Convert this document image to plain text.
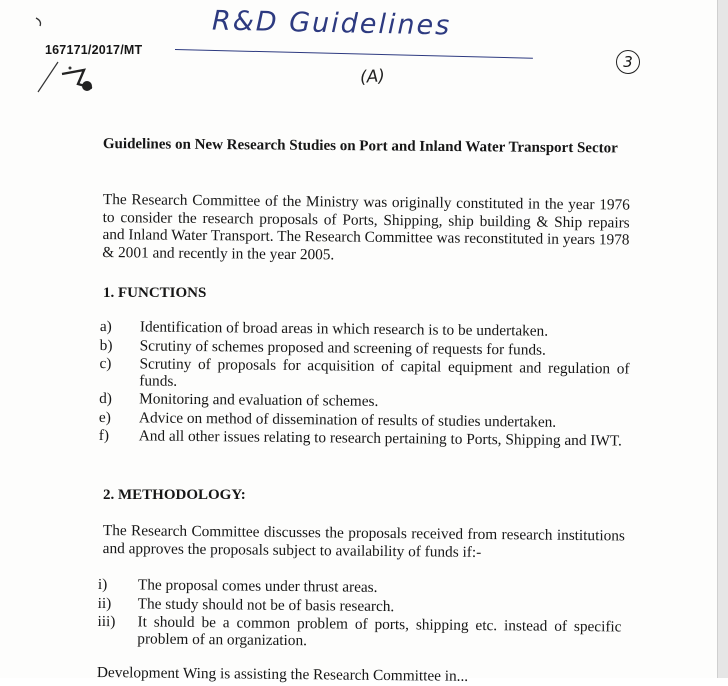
R&D Guidelines
167171/2017/MT
(A)
3
Guidelines on New Research Studies on Port and Inland Water Transport Sector
The Research Committee of the Ministry was originally constituted in the year 1976 to consider the research proposals of Ports, Shipping, ship building & Ship repairs and Inland Water Transport. The Research Committee was reconstituted in years 1978 & 2001 and recently in the year 2005.
1. FUNCTIONS
a)	Identification of broad areas in which research is to be undertaken.
b)	Scrutiny of schemes proposed and screening of requests for funds.
c)	Scrutiny of proposals for acquisition of capital equipment and regulation of funds.
d)	Monitoring and evaluation of schemes.
e)	Advice on method of dissemination of results of studies undertaken.
f)	And all other issues relating to research pertaining to Ports, Shipping and IWT.
2. METHODOLOGY:
The Research Committee discusses the proposals received from research institutions and approves the proposals subject to availability of funds if:-
i)	The proposal comes under thrust areas.
ii)	The study should not be of basis research.
iii)	It should be a common problem of ports, shipping etc. instead of specific problem of an organization.
Development Wing is assisting the Research Committee in...
